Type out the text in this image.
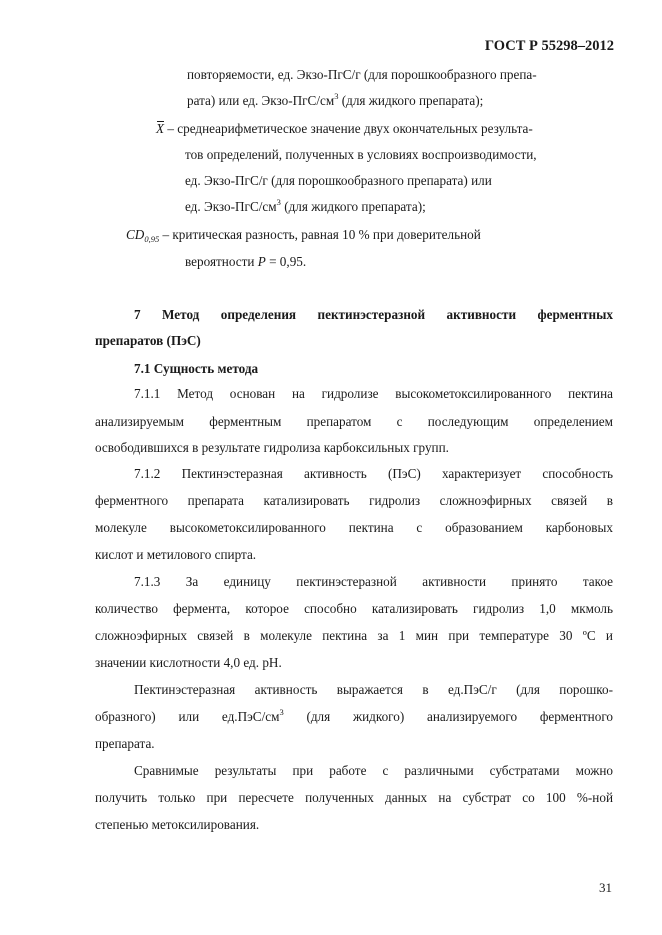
ГОСТ Р 55298–2012
повторяемости, ед. Экзо-ПгС/г (для порошкообразного препа-
рата) или ед. Экзо-$ПгС/см^3$ (для жидкого препарата);
X – среднеарифметическое значение двух окончательных результа-
тов определений, полученных в условиях воспроизводимости,
ед. Экзо-ПгС/г (для порошкообразного препарата) или
ед. Экзо-$ПгС/см^3$ (для жидкого препарата);
$CD_{0,95}$ – критическая разность, равная 10 % при доверительной
вероятности P = 0,95.
7 Метод определения пектинэстеразной активности ферментных
препаратов (ПэС)
7.1 Сущность метода
7.1.1 Метод основан на гидролизе высокометоксилированного пектина
анализируемым ферментным препаратом с последующим определением
освободившихся в результате гидролиза карбоксильных групп.
7.1.2 Пектинэстеразная активность (ПэС) характеризует способность
ферментного препарата катализировать гидролиз сложноэфирных связей в
молекуле высокометоксилированного пектина с образованием карбоновых
кислот и метилового спирта.
7.1.3 За единицу пектинэстеразной активности принято такое
количество фермента, которое способно катализировать гидролиз 1,0 мкмоль
сложноэфирных связей в молекуле пектина за 1 мин при температуре 30 ºС и
значении кислотности 4,0 ед. рН.
Пектинэстеразная активность выражается в ед.ПэС/г (для порошко-
образного) или $ед.ПэС/см^3$ (для жидкого) анализируемого ферментного
препарата.
Сравнимые результаты при работе с различными субстратами можно
получить только при пересчете полученных данных на субстрат со 100 %-ной
степенью метоксилирования.
31
